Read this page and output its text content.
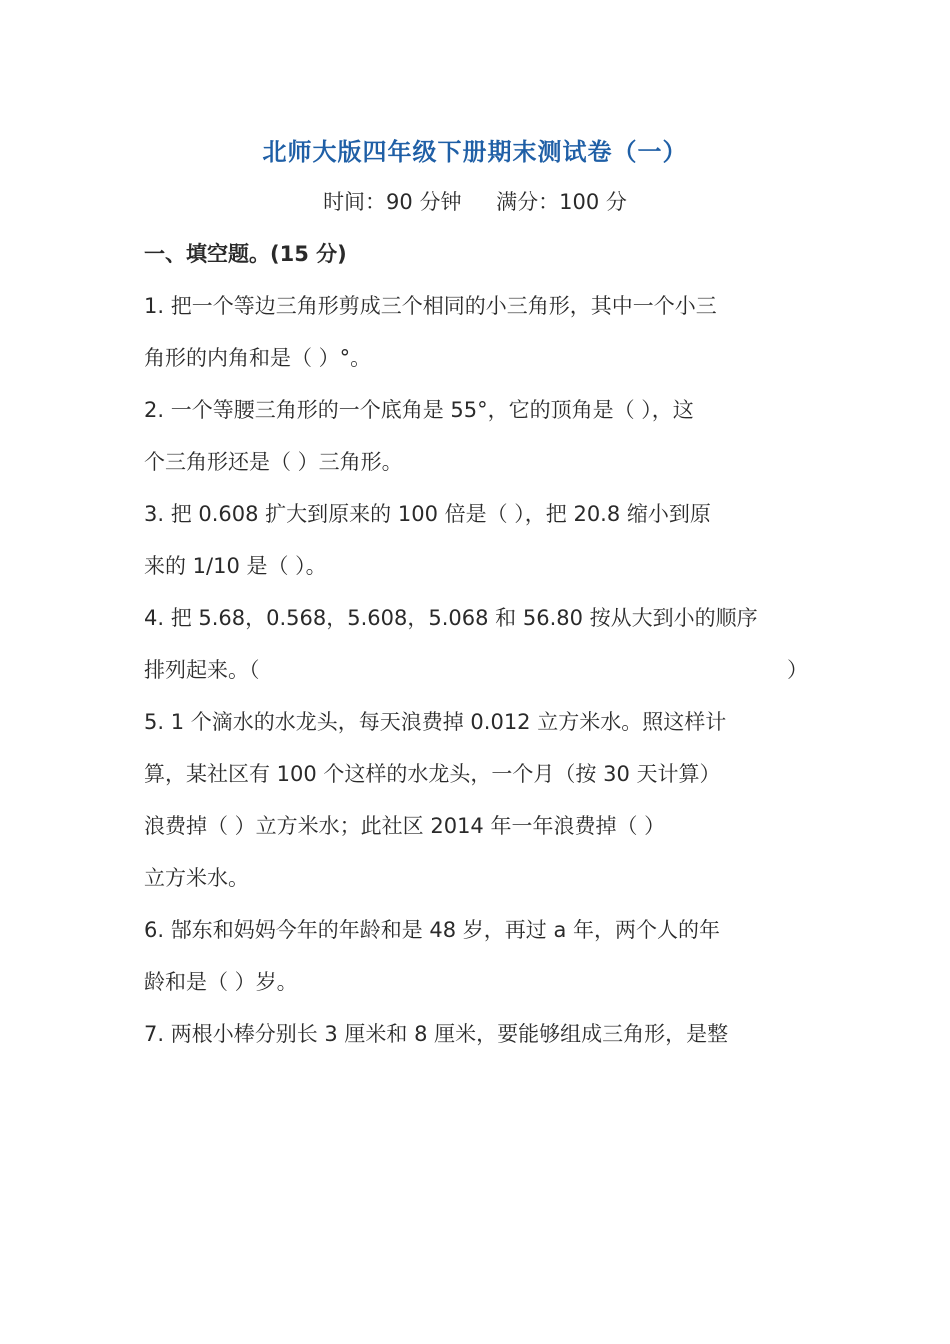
北师大版四年级下册期末测试卷（一）
时间：90 分钟 满分：100 分
一、填空题。(15 分)
1. 把一个等边三角形剪成三个相同的小三角形，其中一个小三
角形的内角和是（ ）°。
2. 一个等腰三角形的一个底角是 55°，它的顶角是（ ），这
个三角形还是（ ）三角形。
3. 把 0.608 扩大到原来的 100 倍是（ ），把 20.8 缩小到原
来的 1/10 是（ ）。
4. 把 5.68，0.568，5.608，5.068 和 56.80 按从大到小的顺序
排列起来。（	）
5. 1 个滴水的水龙头，每天浪费掉 0.012 立方米水。照这样计
算，某社区有 100 个这样的水龙头，一个月（按 30 天计算）
浪费掉（ ）立方米水；此社区 2014 年一年浪费掉（ ）
立方米水。
6. 郜东和妈妈今年的年龄和是 48 岁，再过 a 年，两个人的年
龄和是（ ）岁。
7. 两根小棒分别长 3 厘米和 8 厘米，要能够组成三角形，是整
